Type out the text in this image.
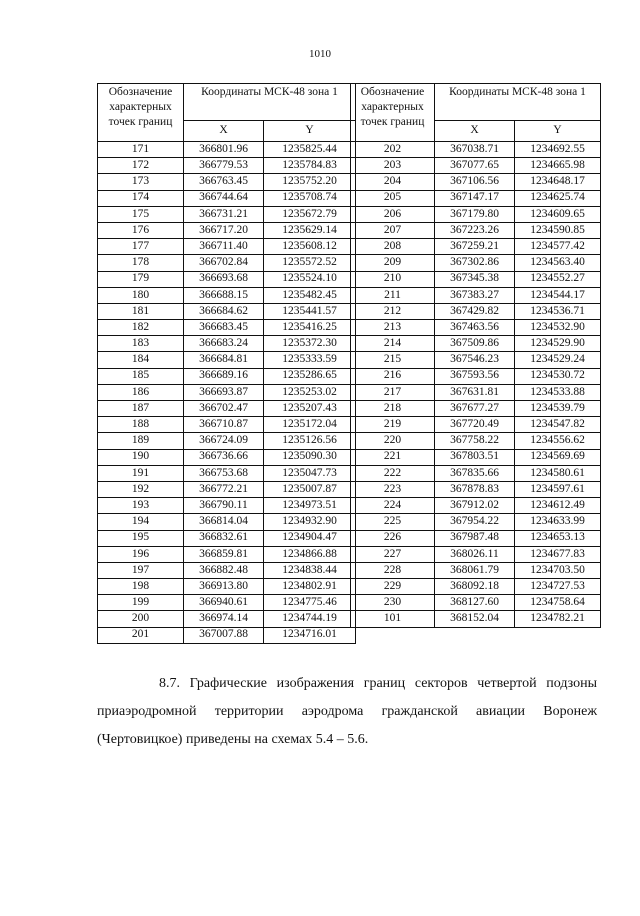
1010
Обозначение характерных точек границ	Координаты МСК-48 зона 1	
	X	Y
171	366801.96	1235825.44
172	366779.53	1235784.83
173	366763.45	1235752.20
174	366744.64	1235708.74
175	366731.21	1235672.79
176	366717.20	1235629.14
177	366711.40	1235608.12
178	366702.84	1235572.52
179	366693.68	1235524.10
180	366688.15	1235482.45
181	366684.62	1235441.57
182	366683.45	1235416.25
183	366683.24	1235372.30
184	366684.81	1235333.59
185	366689.16	1235286.65
186	366693.87	1235253.02
187	366702.47	1235207.43
188	366710.87	1235172.04
189	366724.09	1235126.56
190	366736.66	1235090.30
191	366753.68	1235047.73
192	366772.21	1235007.87
193	366790.11	1234973.51
194	366814.04	1234932.90
195	366832.61	1234904.47
196	366859.81	1234866.88
197	366882.48	1234838.44
198	366913.80	1234802.91
199	366940.61	1234775.46
200	366974.14	1234744.19
201	367007.88	1234716.01
Обозначение характерных точек границ	Координаты МСК-48 зона 1	
	X	Y
202	367038.71	1234692.55
203	367077.65	1234665.98
204	367106.56	1234648.17
205	367147.17	1234625.74
206	367179.80	1234609.65
207	367223.26	1234590.85
208	367259.21	1234577.42
209	367302.86	1234563.40
210	367345.38	1234552.27
211	367383.27	1234544.17
212	367429.82	1234536.71
213	367463.56	1234532.90
214	367509.86	1234529.90
215	367546.23	1234529.24
216	367593.56	1234530.72
217	367631.81	1234533.88
218	367677.27	1234539.79
219	367720.49	1234547.82
220	367758.22	1234556.62
221	367803.51	1234569.69
222	367835.66	1234580.61
223	367878.83	1234597.61
224	367912.02	1234612.49
225	367954.22	1234633.99
226	367987.48	1234653.13
227	368026.11	1234677.83
228	368061.79	1234703.50
229	368092.18	1234727.53
230	368127.60	1234758.64
101	368152.04	1234782.21
8.7. Графические изображения границ секторов четвертой подзоны
приаэродромной территории аэродрома гражданской авиации Воронеж
(Чертовицкое) приведены на схемах 5.4 – 5.6.
